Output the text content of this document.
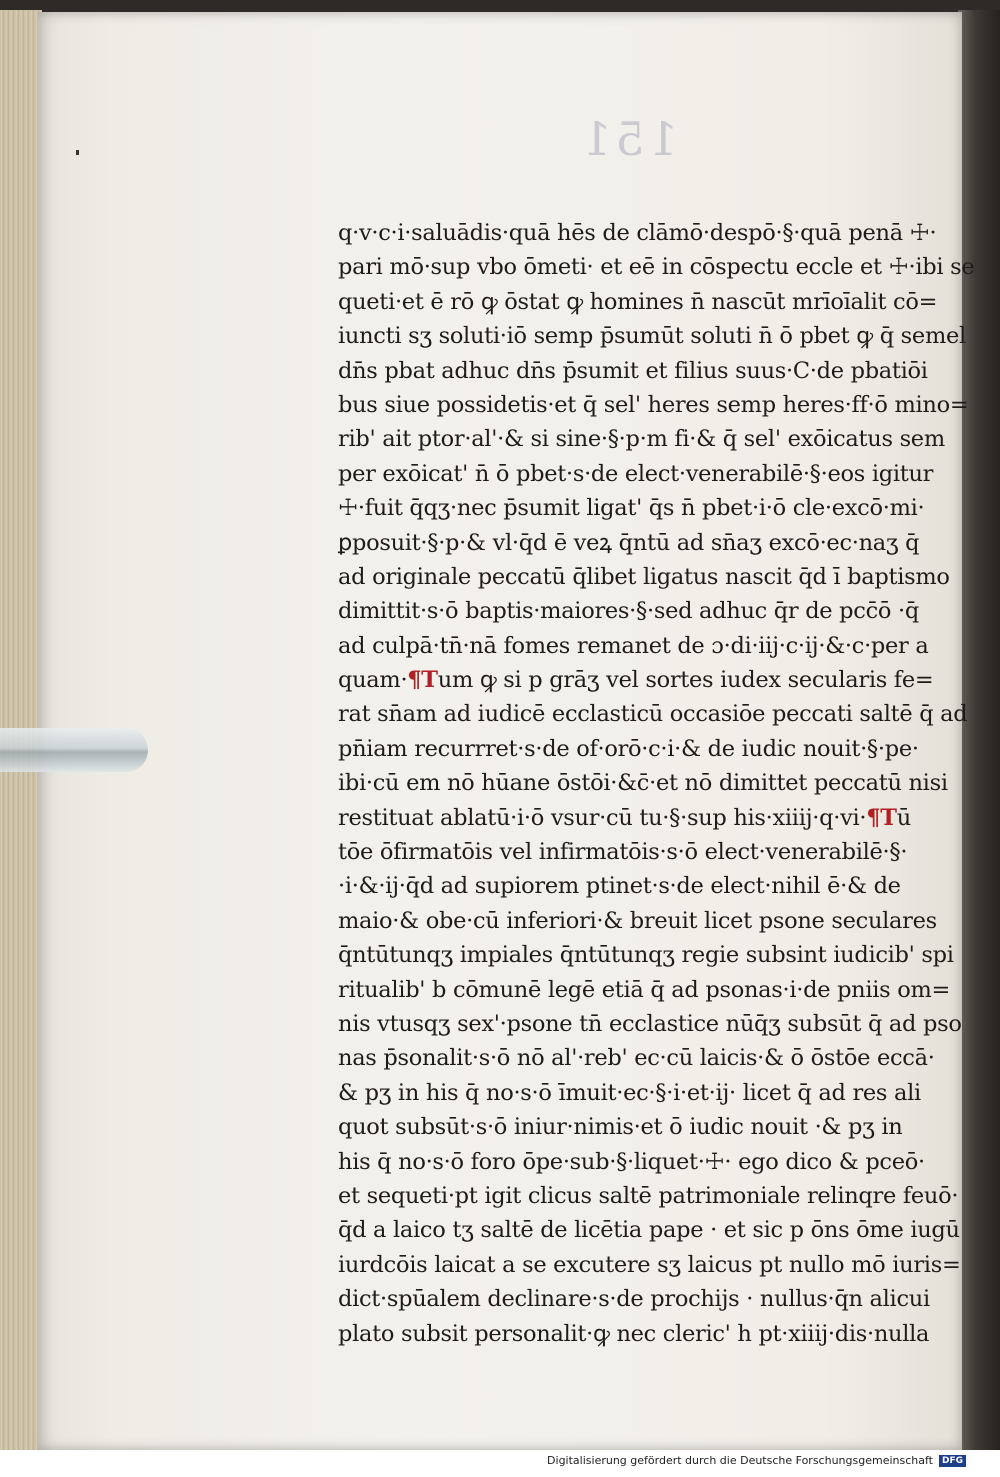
151
q·v·c·i·saluādis·quā hēs de clāmō·despō·§·quā penā ☩·
pari mō·sup vbo ōmeti· et eē in cōspectu eccle et ☩·ibi se
queti·et ē rō ꝙ ōstat ꝙ homines n̄ nascūt mrīoīalit cō=
iuncti sʒ soluti·iō semp p̄sumūt soluti n̄ ō pbet ꝙ q̄ semel
dn̄s pbat adhuc dn̄s p̄sumit et filius suus·C·de pbatiōi
bus siue possidetis·et q̄ sel' heres semp heres·ff·ō mino=
rib' ait ptor·al'·& si sine·§·p·m fi·& q̄ sel' exōicatus sem
per exōicat' n̄ ō pbet·s·de elect·venerabilē·§·eos igitur
☩·fuit q̄qʒ·nec p̄sumit ligat' q̄s n̄ pbet·i·ō cle·excō·mi·
ꝑposuit·§·p·& vl·q̄d ē veꝝ q̄ntū ad sn̄aʒ excō·ec·naʒ q̄
ad originale peccatū q̄libet ligatus nascit q̄d ī baptismo
dimittit·s·ō baptis·maiores·§·sed adhuc q̄r de pcc̄ō ·q̄
ad culpā·tn̄·nā fomes remanet de ɔ·di·iij·c·ij·&·c·per a
quam·¶Tum ꝙ si p grāʒ vel sortes iudex secularis fe=
rat sn̄am ad iudicē ecclasticū occasiōe peccati saltē q̄ ad
pn̄iam recurrret·s·de of·orō·c·i·& de iudic nouit·§·pe·
ibi·cū em nō hūane ōstōi·&c̄·et nō dimittet peccatū nisi
restituat ablatū·i·ō vsur·cū tu·§·sup his·xiiij·q·vi·¶Tū
tōe ōfirmatōis vel infirmatōis·s·ō elect·venerabilē·§·
·i·&·ij·q̄d ad supiorem ptinet·s·de elect·nihil ē·& de
maio·& obe·cū inferiori·& breuit licet psone seculares
q̄ntūtunqʒ impiales q̄ntūtunqʒ regie subsint iudicib' spi
ritualib' b cōmunē legē etiā q̄ ad psonas·i·de pniis om=
nis vtusqʒ sex'·psone tn̄ ecclastice nūq̄ʒ subsūt q̄ ad pso
nas p̄sonalit·s·ō nō al'·reb' ec·cū laicis·& ō ōstōe eccā·
& pʒ in his q̄ no·s·ō īmuit·ec·§·i·et·ij· licet q̄ ad res ali
quot subsūt·s·ō iniur·nimis·et ō iudic nouit ·& pʒ in
his q̄ no·s·ō foro ōpe·sub·§·liquet·☩· ego dico & pceō·
et sequeti·pt igit clicus saltē patrimoniale relinqre feuō·
q̄d a laico tʒ saltē de licētia pape · et sic p ōns ōme iugū
iurdcōis laicat a se excutere sʒ laicus pt nullo mō iuris=
dict·spūalem declinare·s·de prochijs · nullus·q̄n alicui
plato subsit personalit·ꝙ nec cleric' h pt·xiiij·dis·nulla
Digitalisierung gefördert durch die Deutsche Forschungsgemeinschaft	DFG
